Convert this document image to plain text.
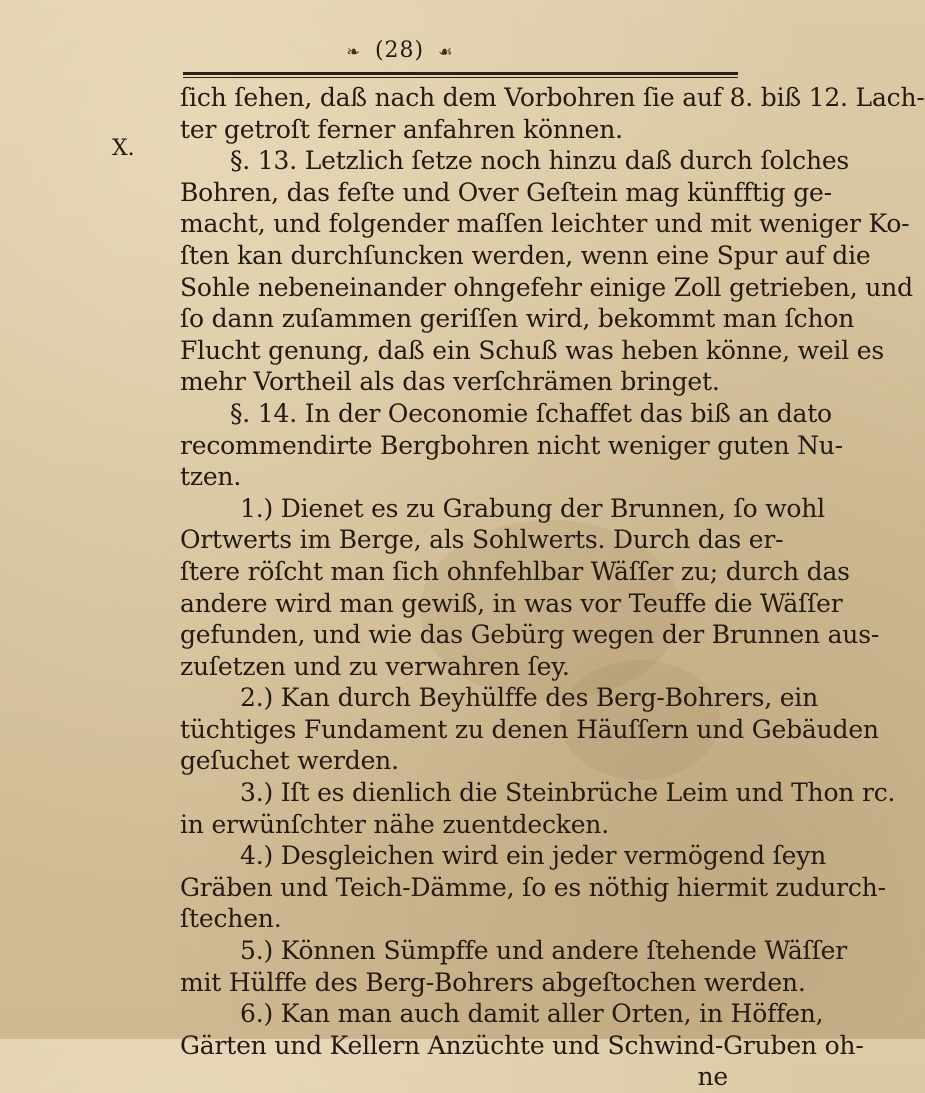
❧ (28) ☙
X.
ſich ſehen, daß nach dem Vorbohren ſie auf 8. biß 12. Lach-
ter getroſt ferner anfahren können.
§. 13. Letzlich ſetze noch hinzu daß durch ſolches
Bohren, das feſte und Over Geſtein mag künfftig ge-
macht, und folgender maſſen leichter und mit weniger Ko-
ſten kan durchſuncken werden, wenn eine Spur auf die
Sohle nebeneinander ohngefehr einige Zoll getrieben, und
ſo dann zuſammen geriſſen wird, bekommt man ſchon
Flucht genung, daß ein Schuß was heben könne, weil es
mehr Vortheil als das verſchrämen bringet.
§. 14. In der Oeconomie ſchaffet das biß an dato
recommendirte Bergbohren nicht weniger guten Nu-
tzen.
1.) Dienet es zu Grabung der Brunnen, ſo wohl
Ortwerts im Berge, als Sohlwerts. Durch das er-
ſtere röſcht man ſich ohnfehlbar Wäſſer zu; durch das
andere wird man gewiß, in was vor Teuffe die Wäſſer
gefunden, und wie das Gebürg wegen der Brunnen aus-
zuſetzen und zu verwahren ſey.
2.) Kan durch Beyhülffe des Berg-Bohrers, ein
tüchtiges Fundament zu denen Häuſſern und Gebäuden
geſuchet werden.
3.) Iſt es dienlich die Steinbrüche Leim und Thon rc.
in erwünſchter nähe zuentdecken.
4.) Desgleichen wird ein jeder vermögend ſeyn
Gräben und Teich-Dämme, ſo es nöthig hiermit zudurch-
ſtechen.
5.) Können Sümpffe und andere ſtehende Wäſſer
mit Hülffe des Berg-Bohrers abgeſtochen werden.
6.) Kan man auch damit aller Orten, in Höffen,
Gärten und Kellern Anzüchte und Schwind-Gruben oh-
ne
